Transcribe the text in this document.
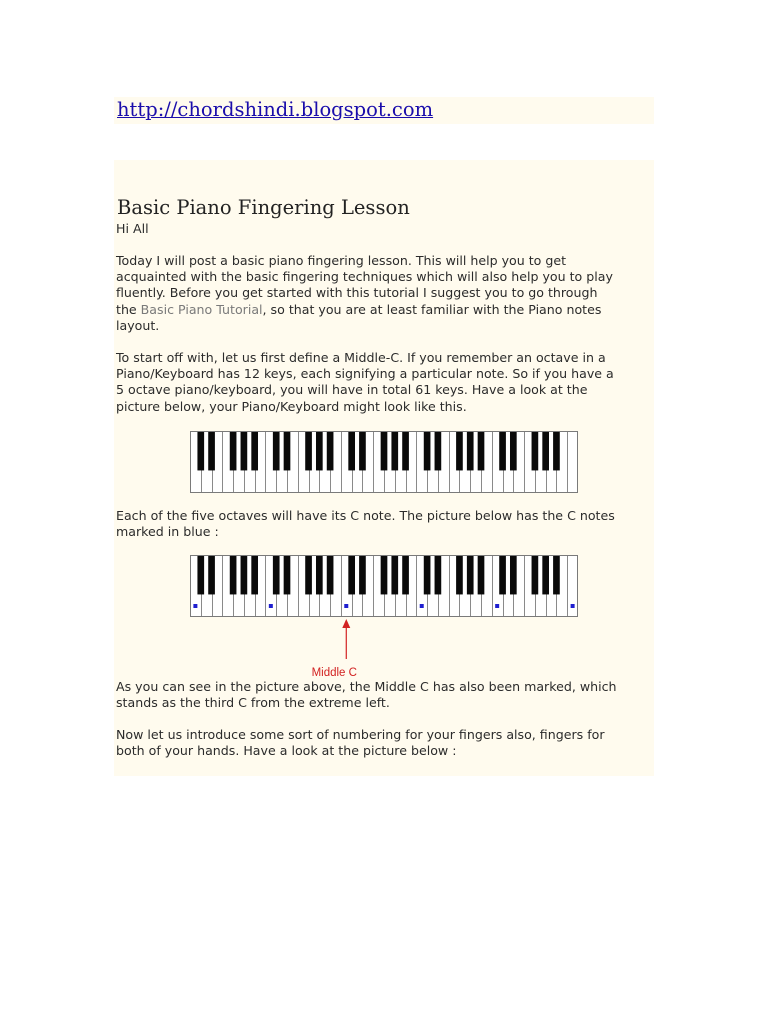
http://chordshindi.blogspot.com
Basic Piano Fingering Lesson

Hi All

Today I will post a basic piano fingering lesson. This will help you to get
acquainted with the basic fingering techniques which will also help you to play
fluently. Before you get started with this tutorial I suggest you to go through
the Basic Piano Tutorial, so that you are at least familiar with the Piano notes
layout.

To start off with, let us first define a Middle-C. If you remember an octave in a
Piano/Keyboard has 12 keys, each signifying a particular note. So if you have a
5 octave piano/keyboard, you will have in total 61 keys. Have a look at the
picture below, your Piano/Keyboard might look like this.

Each of the five octaves will have its C note. The picture below has the C notes
marked in blue :

Middle C

As you can see in the picture above, the Middle C has also been marked, which
stands as the third C from the extreme left.

Now let us introduce some sort of numbering for your fingers also, fingers for
both of your hands. Have a look at the picture below :
